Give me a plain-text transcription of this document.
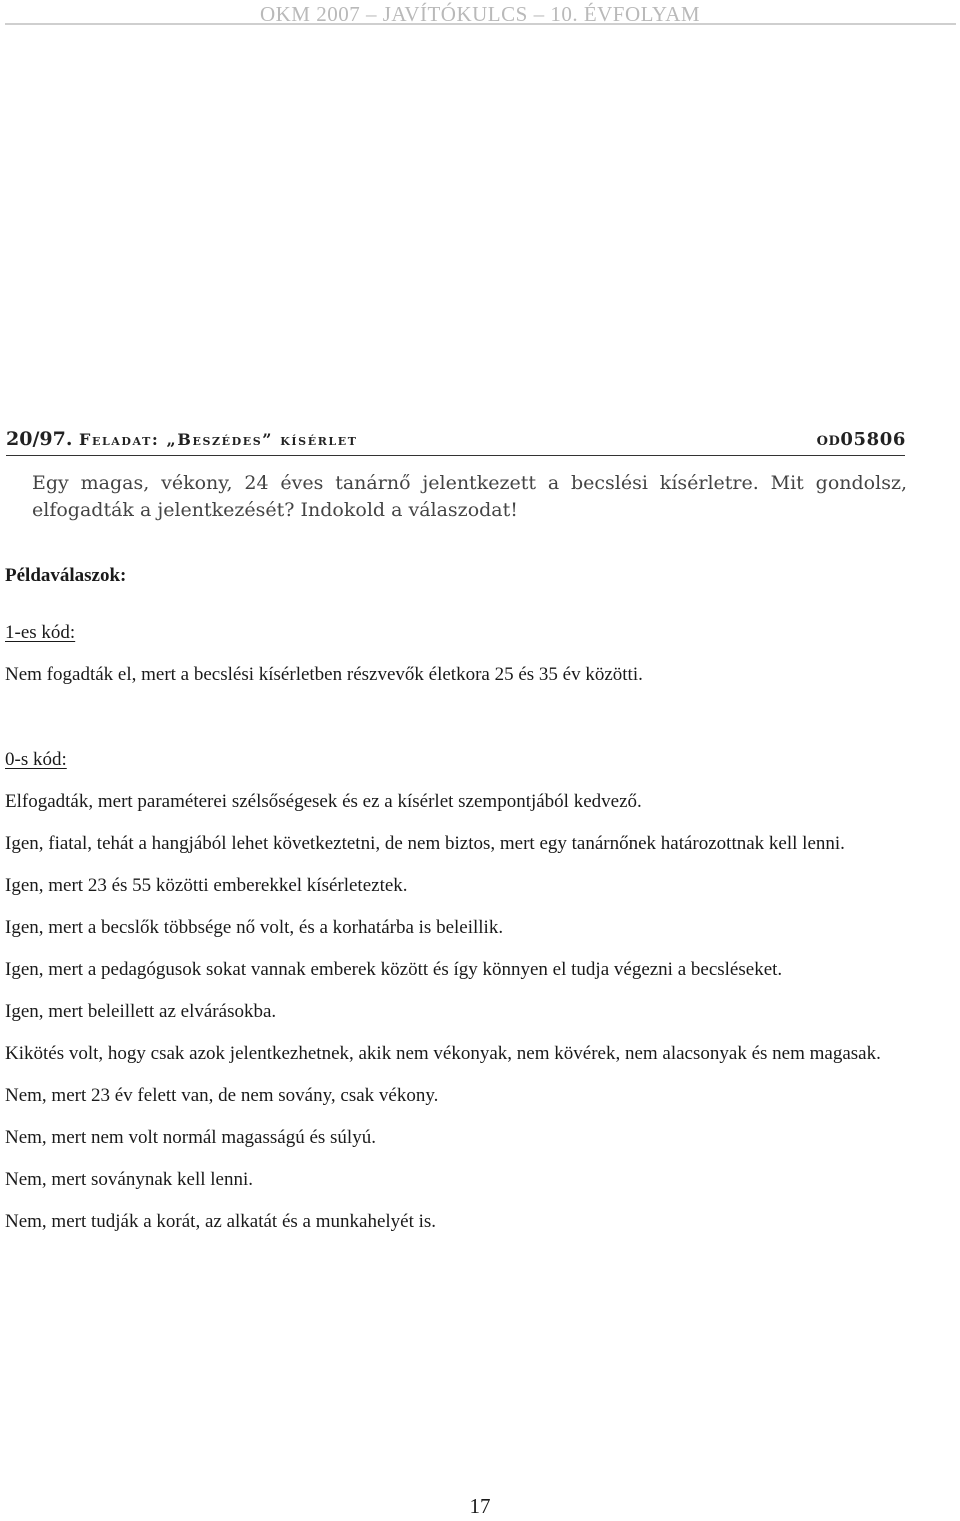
OKM 2007 – JAVÍTÓKULCS – 10. ÉVFOLYAM
20/97. Feladat: „Beszédes” kísérlet	od05806
Egy magas, vékony, 24 éves tanárnő jelentkezett a becslési kísérletre. Mit gondolsz, elfogadták a jelentkezését? Indokold a válaszodat!
Példaválaszok:
1-es kód:
Nem fogadták el, mert a becslési kísérletben részvevők életkora 25 és 35 év közötti.
0-s kód:
Elfogadták, mert paraméterei szélsőségesek és ez a kísérlet szempontjából kedvező.
Igen, fiatal, tehát a hangjából lehet következtetni, de nem biztos, mert egy tanárnőnek határozottnak kell lenni.
Igen, mert 23 és 55 közötti emberekkel kísérleteztek.
Igen, mert a becslők többsége nő volt, és a korhatárba is beleillik.
Igen, mert a pedagógusok sokat vannak emberek között és így könnyen el tudja végezni a becsléseket.
Igen, mert beleillett az elvárásokba.
Kikötés volt, hogy csak azok jelentkezhetnek, akik nem vékonyak, nem kövérek, nem alacsonyak és nem magasak.
Nem, mert 23 év felett van, de nem sovány, csak vékony.
Nem, mert nem volt normál magasságú és súlyú.
Nem, mert soványnak kell lenni.
Nem, mert tudják a korát, az alkatát és a munkahelyét is.
17
